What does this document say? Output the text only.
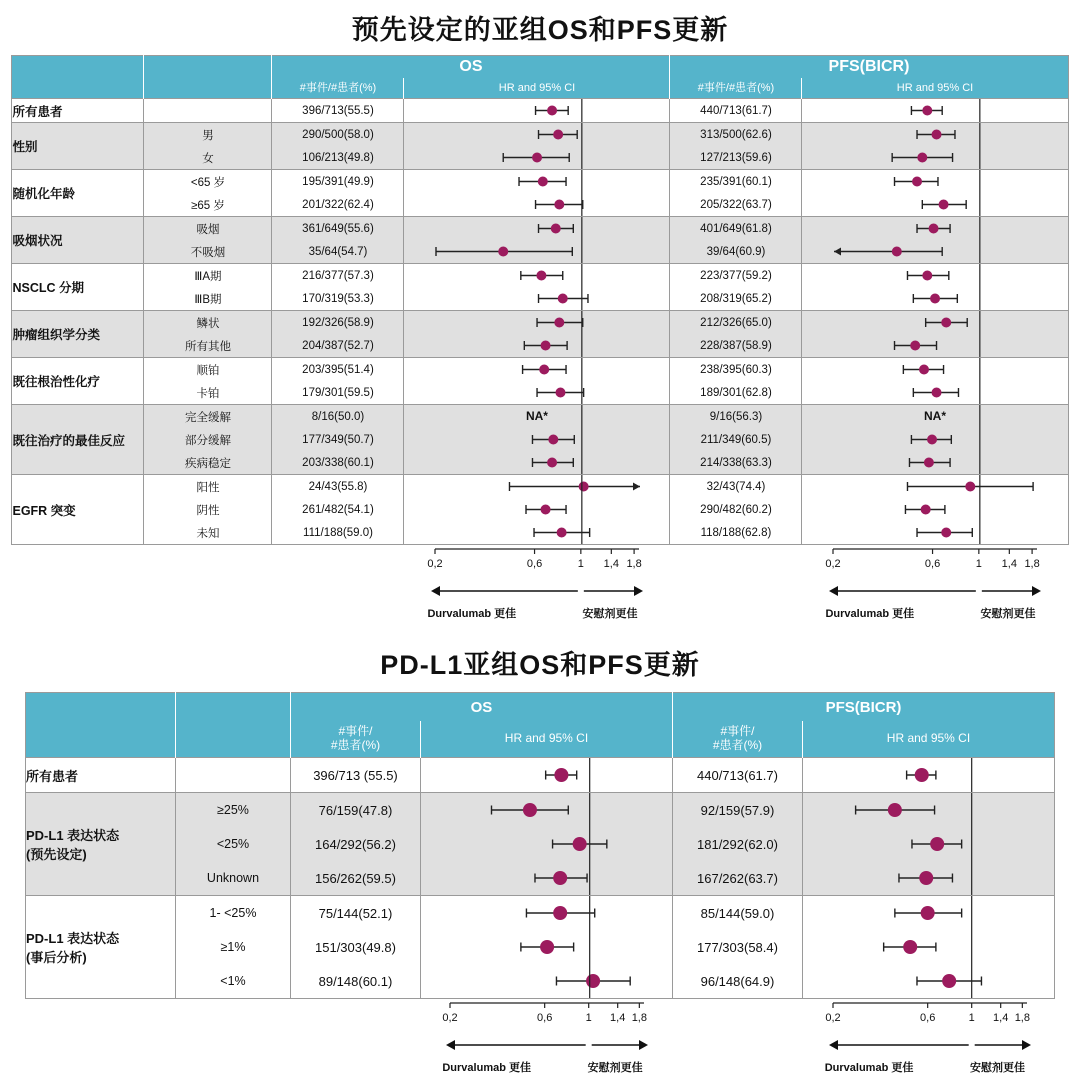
预先设定的亚组OS和PFS更新
		OS		PFS(BICR)	
		#事件/#患者(%)	HR and 95% CI	#事件/#患者(%)	HR and 95% CI
所有患者		396/713(55.5)		440/713(61.7)	

性别	男	290/500(58.0)		313/500(62.6)	

	女	106/213(49.8)		127/213(59.6)	

随机化年龄	<65 岁	195/391(49.9)		235/391(60.1)	

	≥65 岁	201/322(62.4)		205/322(63.7)	

吸烟状况	吸烟	361/649(55.6)		401/649(61.8)	

	不吸烟	35/64(54.7)		39/64(60.9)	

NSCLC 分期	ⅢA期	216/377(57.3)		223/377(59.2)	

	ⅢB期	170/319(53.3)		208/319(65.2)	

肿瘤组织学分类	鳞状	192/326(58.9)		212/326(65.0)	

	所有其他	204/387(52.7)		228/387(58.9)	

既往根治性化疗	顺铂	203/395(51.4)		238/395(60.3)	

	卡铂	179/301(59.5)		189/301(62.8)	

既往治疗的最佳反应	完全缓解	8/16(50.0)	NA*	9/16(56.3)	NA*

	部分缓解	177/349(50.7)		211/349(60.5)	

	疾病稳定	203/338(60.1)		214/338(63.3)	

EGFR 突变	阳性	24/43(55.8)		32/43(74.4)	

	阴性	261/482(54.1)		290/482(60.2)	

	未知	111/188(59.0)		118/188(62.8)	

0,2 0,6 1 1,4 1,8		0,2 0,6 1 1,4 1,8

	Durvalumab 更佳 安慰剂更佳		Durvalumab 更佳 安慰剂更佳
PD-L1亚组OS和PFS更新
		OS		PFS(BICR)	
		#事件/
#患者(%)	HR and 95% CI	#事件/
#患者(%)	HR and 95% CI
所有患者		396/713 (55.5)		440/713(61.7)	

PD-L1 表达状态
(预先设定)	≥25%	76/159(47.8)		92/159(57.9)	

	<25%	164/292(56.2)		181/292(62.0)	

	Unknown	156/262(59.5)		167/262(63.7)	

PD-L1 表达状态
(事后分析)	1- <25%	75/144(52.1)		85/144(59.0)	

	≥1%	151/303(49.8)		177/303(58.4)	

	<1%	89/148(60.1)		96/148(64.9)	

0,2 0,6 1 1,4 1,8		0,2 0,6 1 1,4 1,8

	Durvalumab 更佳 安慰剂更佳		Durvalumab 更佳 安慰剂更佳
